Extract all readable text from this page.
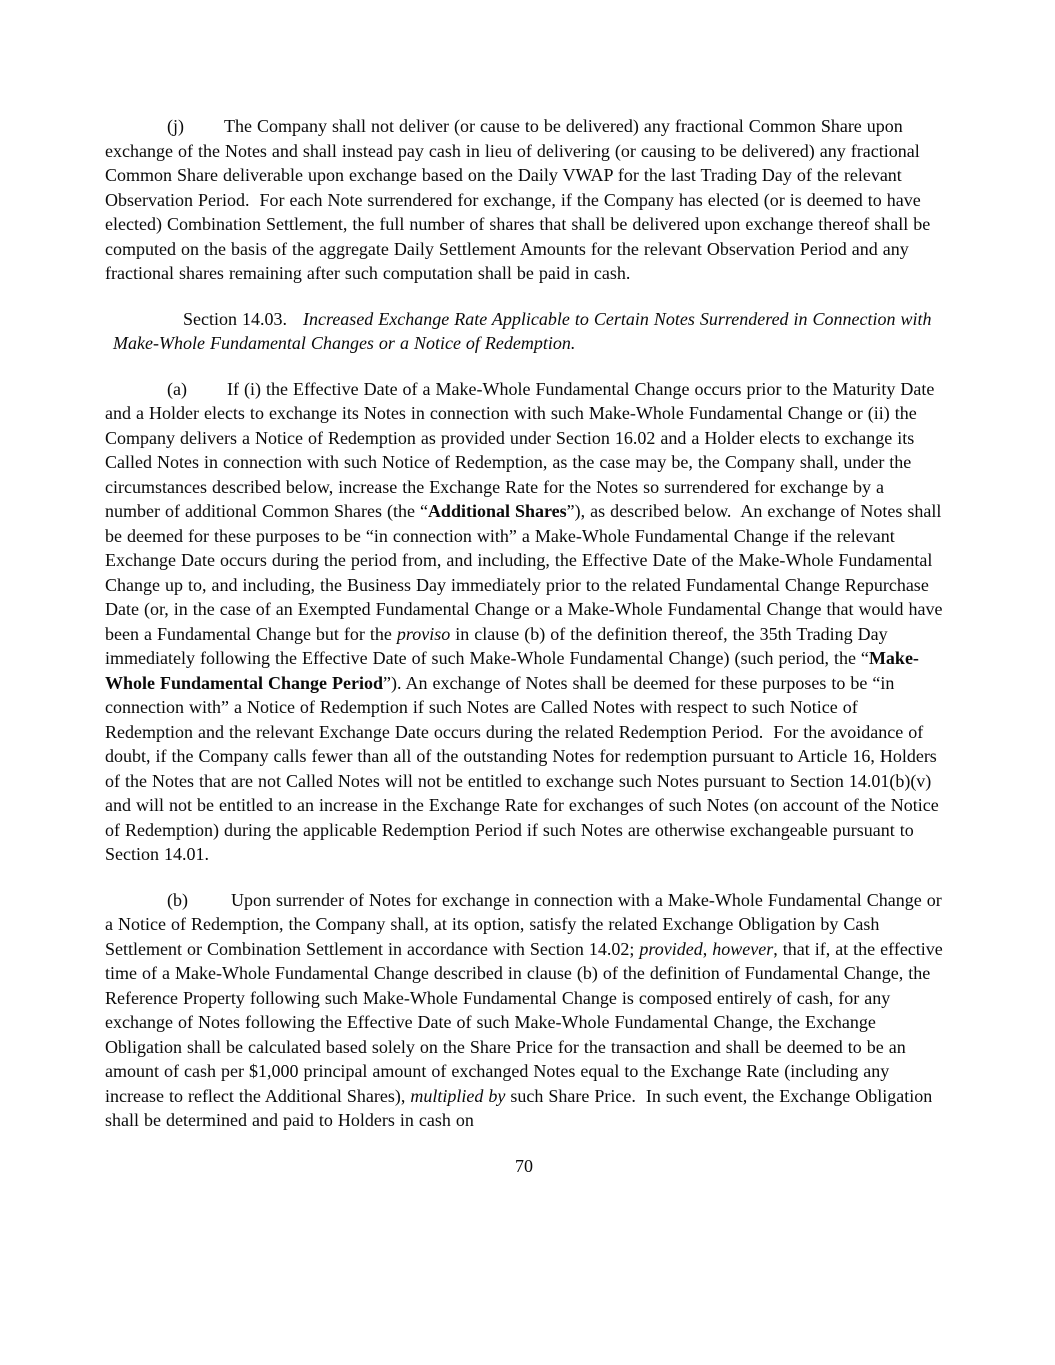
(j) The Company shall not deliver (or cause to be delivered) any fractional Common Share upon exchange of the Notes and shall instead pay cash in lieu of delivering (or causing to be delivered) any fractional Common Share deliverable upon exchange based on the Daily VWAP for the last Trading Day of the relevant Observation Period.  For each Note surrendered for exchange, if the Company has elected (or is deemed to have elected) Combination Settlement, the full number of shares that shall be delivered upon exchange thereof shall be computed on the basis of the aggregate Daily Settlement Amounts for the relevant Observation Period and any fractional shares remaining after such computation shall be paid in cash.

Section 14.03. Increased Exchange Rate Applicable to Certain Notes Surrendered in Connection with Make-Whole Fundamental Changes or a Notice of Redemption.

(a) If (i) the Effective Date of a Make-Whole Fundamental Change occurs prior to the Maturity Date and a Holder elects to exchange its Notes in connection with such Make-Whole Fundamental Change or (ii) the Company delivers a Notice of Redemption as provided under Section 16.02 and a Holder elects to exchange its Called Notes in connection with such Notice of Redemption, as the case may be, the Company shall, under the circumstances described below, increase the Exchange Rate for the Notes so surrendered for exchange by a number of additional Common Shares (the “Additional Shares”), as described below.  An exchange of Notes shall be deemed for these purposes to be “in connection with” a Make-Whole Fundamental Change if the relevant Exchange Date occurs during the period from, and including, the Effective Date of the Make-Whole Fundamental Change up to, and including, the Business Day immediately prior to the related Fundamental Change Repurchase Date (or, in the case of an Exempted Fundamental Change or a Make-Whole Fundamental Change that would have been a Fundamental Change but for the proviso in clause (b) of the definition thereof, the 35th Trading Day immediately following the Effective Date of such Make-Whole Fundamental Change) (such period, the “Make-Whole Fundamental Change Period”). An exchange of Notes shall be deemed for these purposes to be “in connection with” a Notice of Redemption if such Notes are Called Notes with respect to such Notice of Redemption and the relevant Exchange Date occurs during the related Redemption Period.  For the avoidance of doubt, if the Company calls fewer than all of the outstanding Notes for redemption pursuant to Article 16, Holders of the Notes that are not Called Notes will not be entitled to exchange such Notes pursuant to Section 14.01(b)(v) and will not be entitled to an increase in the Exchange Rate for exchanges of such Notes (on account of the Notice of Redemption) during the applicable Redemption Period if such Notes are otherwise exchangeable pursuant to Section 14.01.

(b) Upon surrender of Notes for exchange in connection with a Make-Whole Fundamental Change or a Notice of Redemption, the Company shall, at its option, satisfy the related Exchange Obligation by Cash Settlement or Combination Settlement in accordance with Section 14.02; provided, however, that if, at the effective time of a Make-Whole Fundamental Change described in clause (b) of the definition of Fundamental Change, the Reference Property following such Make-Whole Fundamental Change is composed entirely of cash, for any exchange of Notes following the Effective Date of such Make-Whole Fundamental Change, the Exchange Obligation shall be calculated based solely on the Share Price for the transaction and shall be deemed to be an amount of cash per $1,000 principal amount of exchanged Notes equal to the Exchange Rate (including any increase to reflect the Additional Shares), multiplied by such Share Price.  In such event, the Exchange Obligation shall be determined and paid to Holders in cash on

70
